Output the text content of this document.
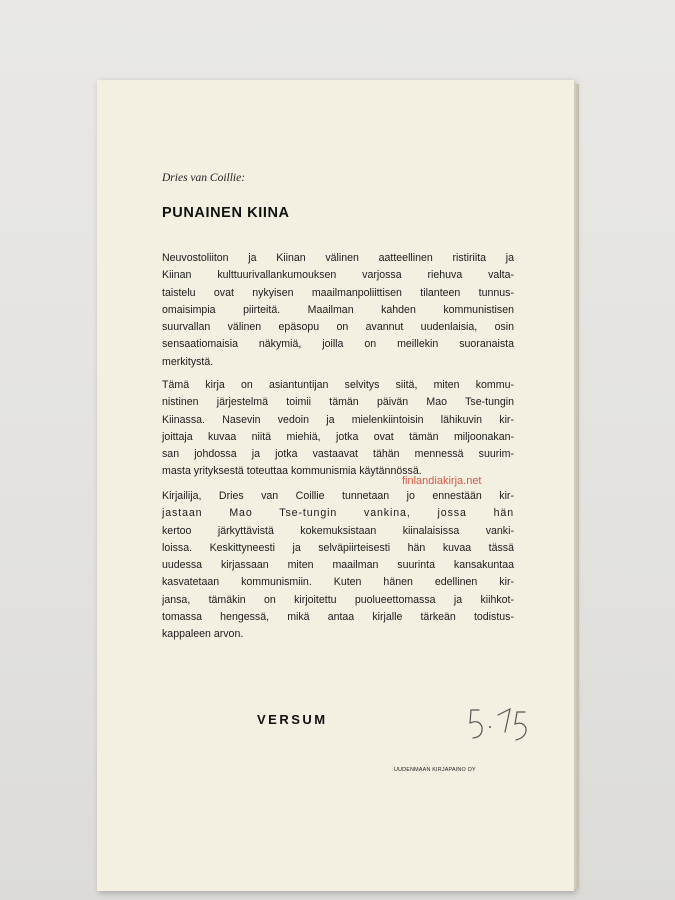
Dries van Coillie:
PUNAINEN KIINA
Neuvostoliiton ja Kiinan välinen aatteellinen ristiriita ja
Kiinan kulttuurivallankumouksen varjossa riehuva valta-
taistelu ovat nykyisen maailmanpoliittisen tilanteen tunnus-
omaisimpia piirteitä. Maailman kahden kommunistisen
suurvallan välinen epäsopu on avannut uudenlaisia, osin
sensaatiomaisia näkymiä, joilla on meillekin suoranaista
merkitystä.
Tämä kirja on asiantuntijan selvitys siitä, miten kommu-
nistinen järjestelmä toimii tämän päivän Mao Tse-tungin
Kiinassa. Nasevin vedoin ja mielenkiintoisin lähikuvin kir-
joittaja kuvaa niitä miehiä, jotka ovat tämän miljoonakan-
san johdossa ja jotka vastaavat tähän mennessä suurim-
masta yrityksestä toteuttaa kommunismia käytännössä.
Kirjailija, Dries van Coillie tunnetaan jo ennestään kir-
jastaan Mao Tse-tungin vankina, jossa hän
kertoo järkyttävistä kokemuksistaan kiinalaisissa vanki-
loissa. Keskittyneesti ja selväpiirteisesti hän kuvaa tässä
uudessa kirjassaan miten maailman suurinta kansakuntaa
kasvatetaan kommunismiin. Kuten hänen edellinen kir-
jansa, tämäkin on kirjoitettu puolueettomassa ja kiihkot-
tomassa hengessä, mikä antaa kirjalle tärkeän todistus-
kappaleen arvon.
finlandiakirja.net
VERSUM
UUDENMAAN KIRJAPAINO OY
